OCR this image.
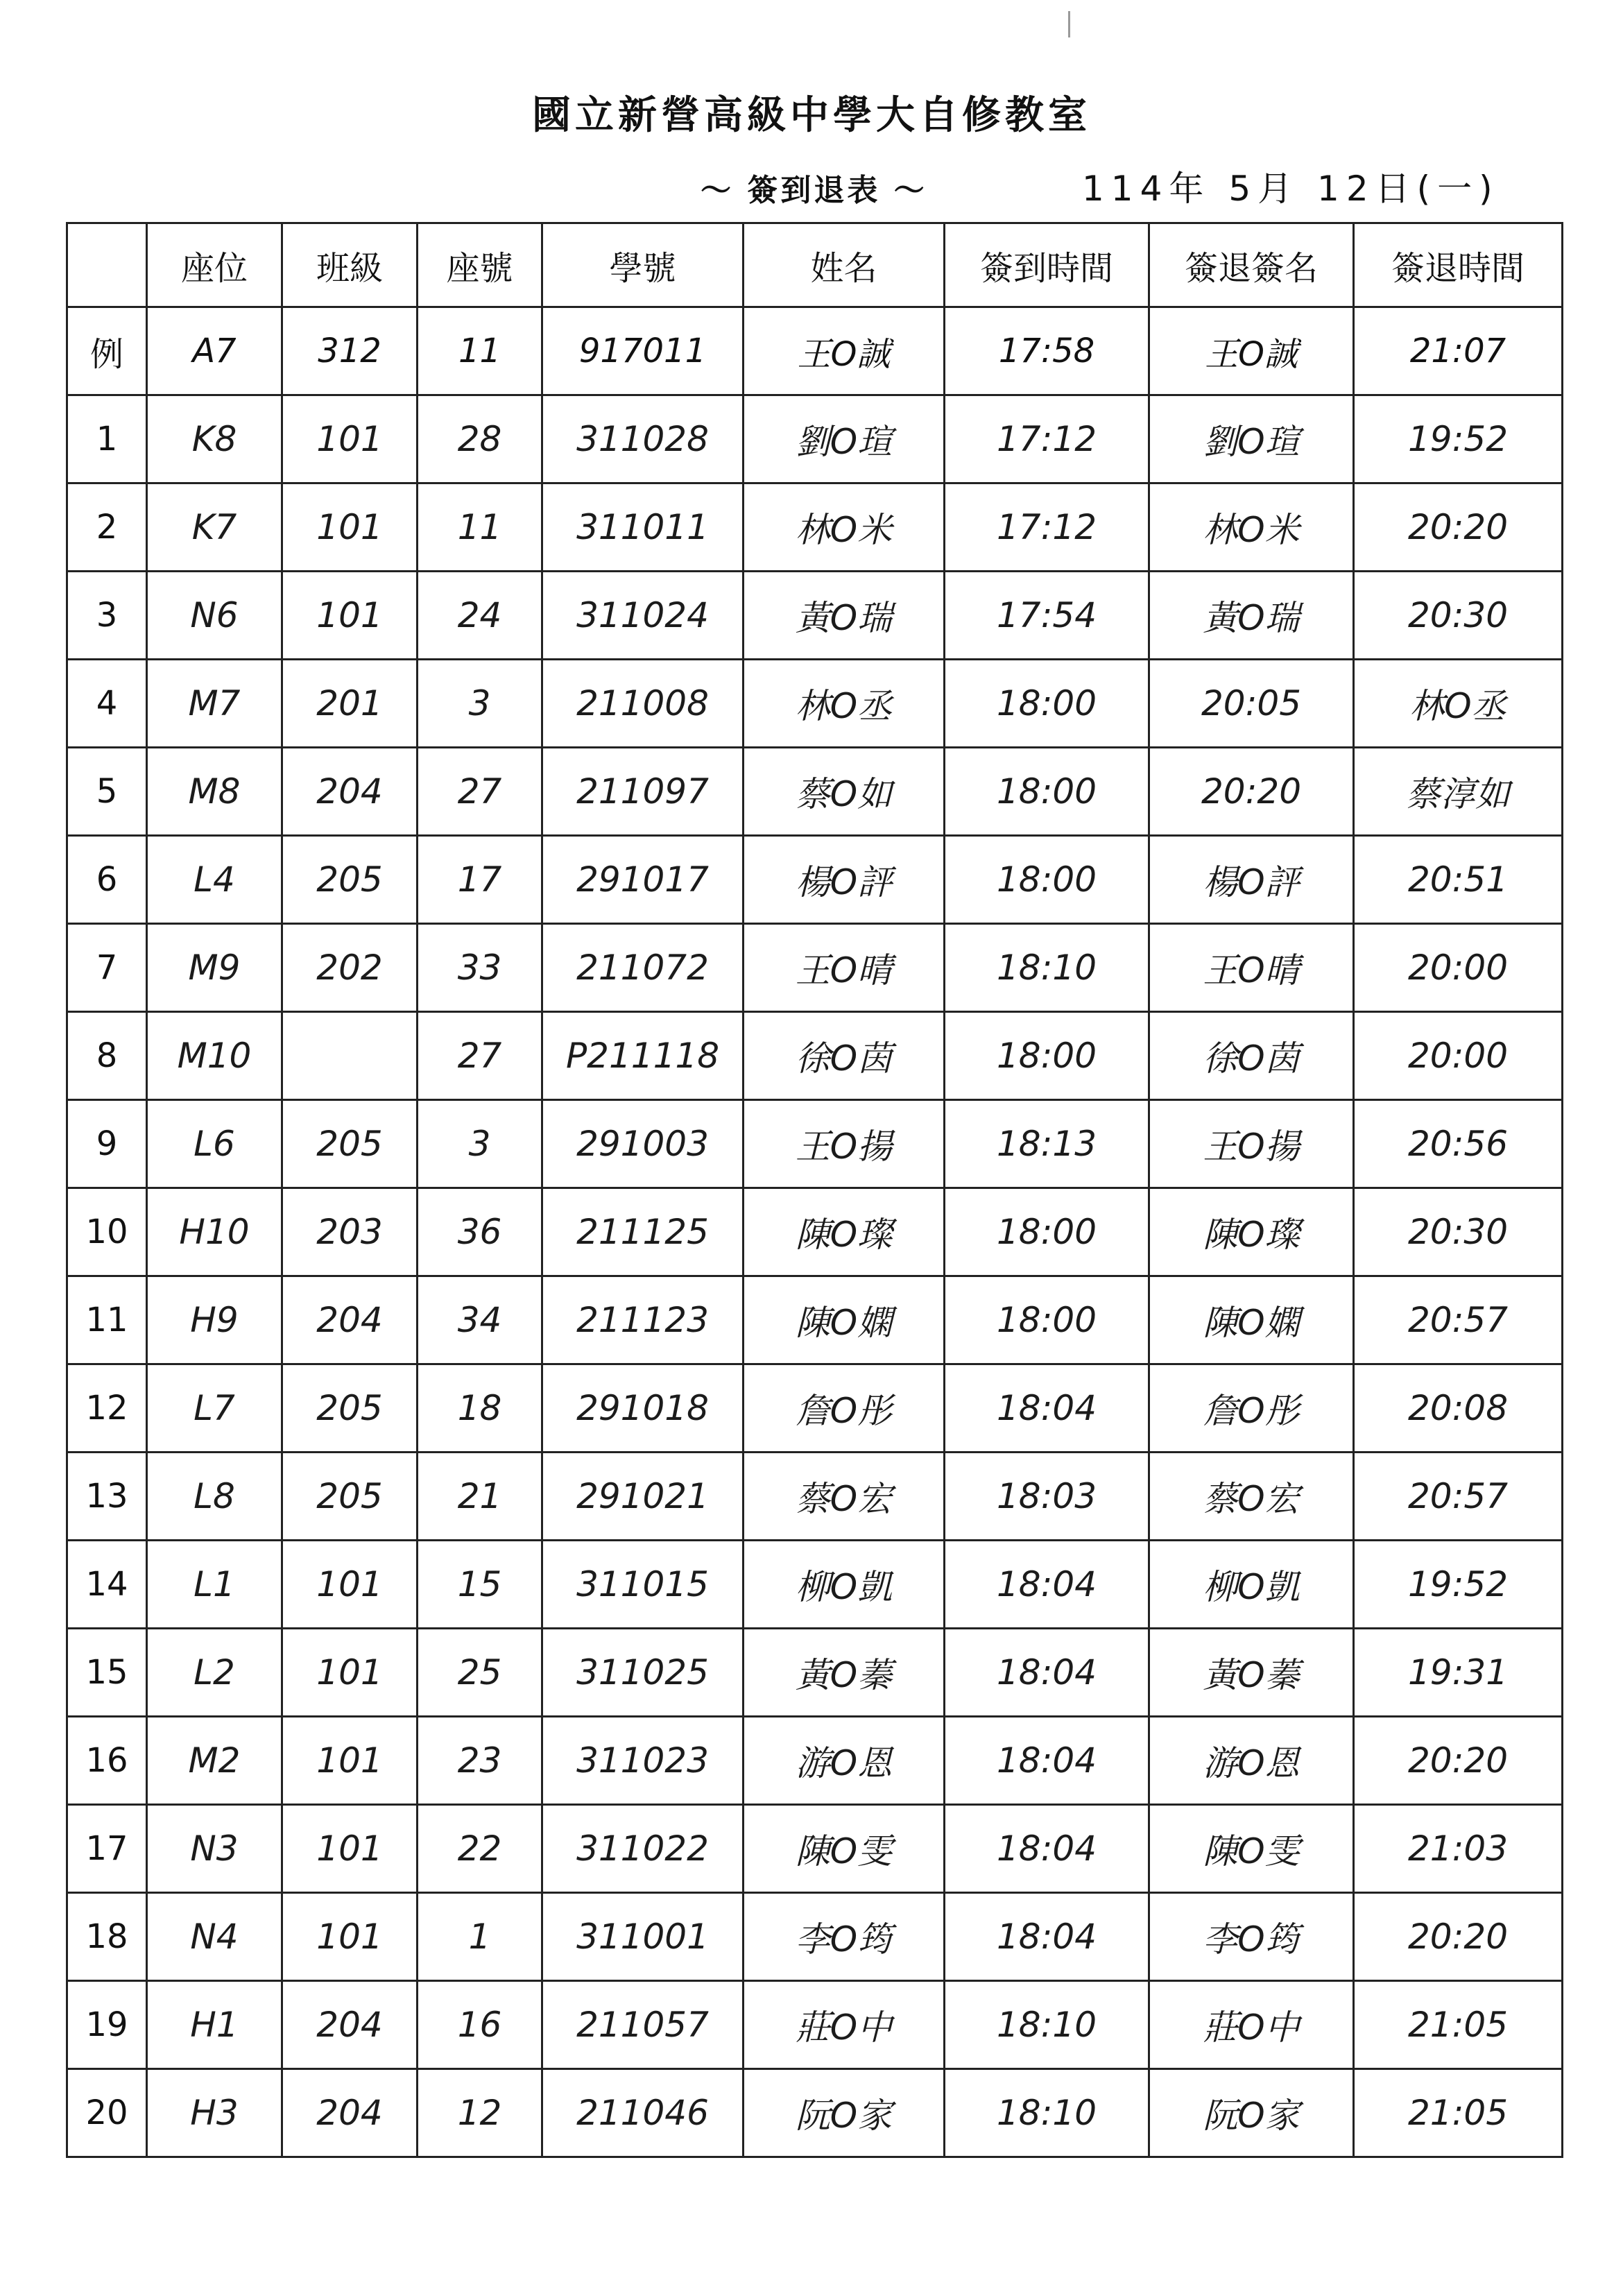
國立新營高級中學大自修教室
～ 簽到退表 ～	114年 5月 12日(一)
	座位	班級	座號	學號	姓名	簽到時間	簽退簽名	簽退時間
例	A7	312	11	917011	王O誠	17:58	王O誠	21:07
1	K8	101	28	311028	劉O瑄	17:12	劉O瑄	19:52
2	K7	101	11	311011	林O米	17:12	林O米	20:20
3	N6	101	24	311024	黃O瑞	17:54	黃O瑞	20:30
4	M7	201	3	211008	林O丞	18:00	20:05	林O丞
5	M8	204	27	211097	蔡O如	18:00	20:20	蔡淳如
6	L4	205	17	291017	楊O評	18:00	楊O評	20:51
7	M9	202	33	211072	王O晴	18:10	王O晴	20:00
8	M10		27	P211118	徐O茵	18:00	徐O茵	20:00
9	L6	205	3	291003	王O揚	18:13	王O揚	20:56
10	H10	203	36	211125	陳O璨	18:00	陳O璨	20:30
11	H9	204	34	211123	陳O嫻	18:00	陳O嫻	20:57
12	L7	205	18	291018	詹O彤	18:04	詹O彤	20:08
13	L8	205	21	291021	蔡O宏	18:03	蔡O宏	20:57
14	L1	101	15	311015	柳O凱	18:04	柳O凱	19:52
15	L2	101	25	311025	黃O蓁	18:04	黃O蓁	19:31
16	M2	101	23	311023	游O恩	18:04	游O恩	20:20
17	N3	101	22	311022	陳O雯	18:04	陳O雯	21:03
18	N4	101	1	311001	李O筠	18:04	李O筠	20:20
19	H1	204	16	211057	莊O中	18:10	莊O中	21:05
20	H3	204	12	211046	阮O家	18:10	阮O家	21:05
